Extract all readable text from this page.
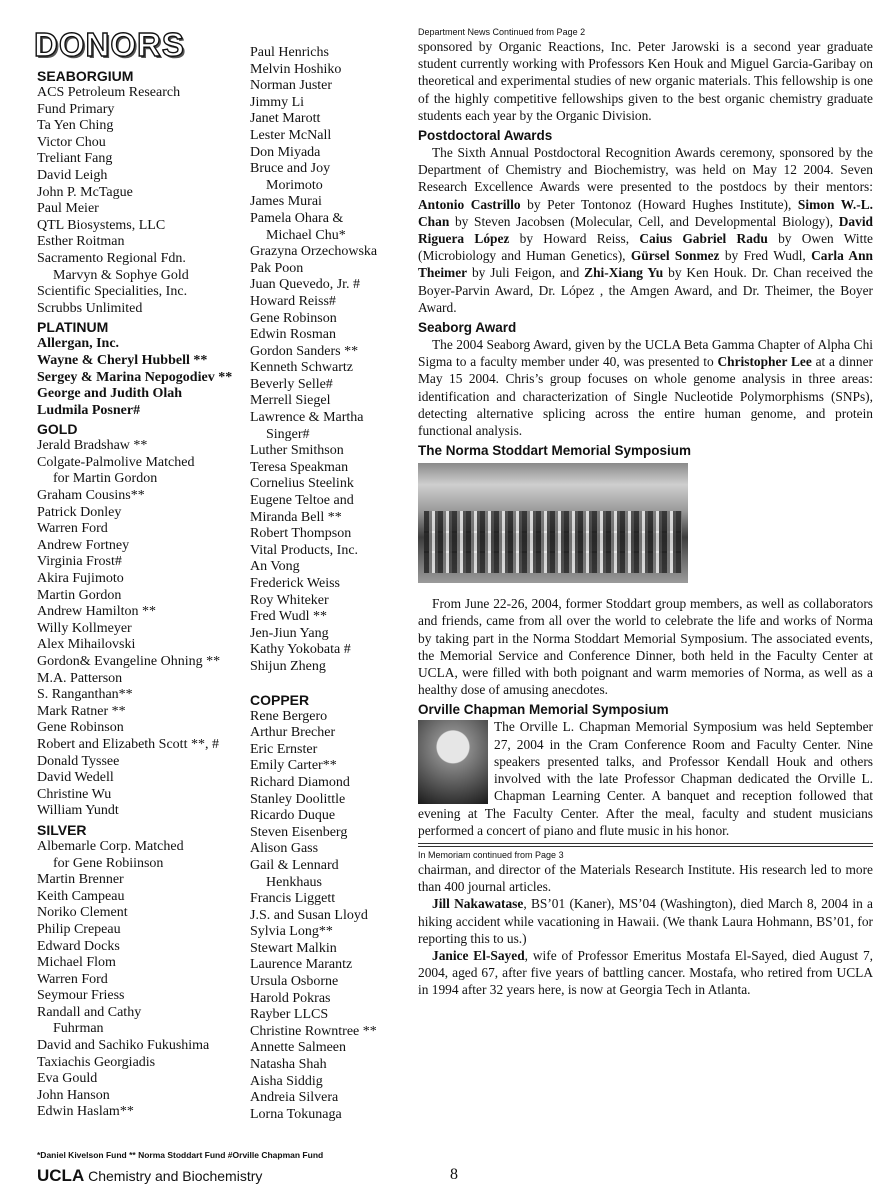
DONORS
SEABORGIUM
ACS Petroleum Research
Fund Primary
Ta Yen Ching
Victor Chou
Treliant Fang
David Leigh
John P. McTague
Paul Meier
QTL Biosystems, LLC
Esther Roitman
Sacramento Regional Fdn.
Marvyn & Sophye Gold
Scientific Specialities, Inc.
Scrubbs Unlimited
PLATINUM
Allergan, Inc.
Wayne & Cheryl Hubbell **
Sergey & Marina Nepogodiev **
George and Judith Olah
Ludmila Posner#
GOLD
Jerald Bradshaw **
Colgate-Palmolive Matched
for Martin Gordon
Graham Cousins**
Patrick Donley
Warren Ford
Andrew Fortney
Virginia Frost#
Akira Fujimoto
Martin Gordon
Andrew Hamilton **
Willy Kollmeyer
Alex Mihailovski
Gordon& Evangeline Ohning **
M.A. Patterson
S. Ranganthan**
Mark Ratner **
Gene Robinson
Robert and Elizabeth Scott **, #
Donald Tyssee
David Wedell
Christine Wu
William Yundt
SILVER
Albemarle Corp. Matched
for Gene Robiinson
Martin Brenner
Keith Campeau
Noriko Clement
Philip Crepeau
Edward Docks
Michael Flom
Warren Ford
Seymour Friess
Randall and Cathy
Fuhrman
David and Sachiko Fukushima
Taxiachis Georgiadis
Eva Gould
John Hanson
Edwin Haslam**
Paul Henrichs
Melvin Hoshiko
Norman Juster
Jimmy Li
Janet Marott
Lester McNall
Don Miyada
Bruce and Joy
Morimoto
James Murai
Pamela Ohara &
Michael Chu*
Grazyna Orzechowska
Pak Poon
Juan Quevedo, Jr. #
Howard Reiss#
Gene Robinson
Edwin Rosman
Gordon Sanders **
Kenneth Schwartz
Beverly Selle#
Merrell Siegel
Lawrence & Martha
Singer#
Luther Smithson
Teresa Speakman
Cornelius Steelink
Eugene Teltoe and
Miranda Bell **
Robert Thompson
Vital Products, Inc.
An Vong
Frederick Weiss
Roy Whiteker
Fred Wudl **
Jen-Jiun Yang
Kathy Yokobata #
Shijun Zheng
COPPER
Rene Bergero
Arthur Brecher
Eric Ernster
Emily Carter**
Richard Diamond
Stanley Doolittle
Ricardo Duque
Steven Eisenberg
Alison Gass
Gail & Lennard
Henkhaus
Francis Liggett
J.S. and Susan Lloyd
Sylvia Long**
Stewart Malkin
Laurence Marantz
Ursula Osborne
Harold Pokras
Rayber LLCS
Christine Rowntree **
Annette Salmeen
Natasha Shah
Aisha Siddig
Andreia Silvera
Lorna Tokunaga
Department News Continued from Page 2

sponsored by Organic Reactions, Inc. Peter Jarowski is a second year graduate student currently working with Professors Ken Houk and Miguel Garcia-Garibay on theoretical and experimental studies of new organic materials. This fellowship is one of the highly competitive fellowships given to the best organic chemistry graduate students each year by the Organic Division.

Postdoctoral Awards

The Sixth Annual Postdoctoral Recognition Awards ceremony, sponsored by the Department of Chemistry and Biochemistry, was held on May 12 2004. Seven Research Excellence Awards were presented to the postdocs by their mentors: Antonio Castrillo by Peter Tontonoz (Howard Hughes Institute), Simon W.-L. Chan by Steven Jacobsen (Molecular, Cell, and Developmental Biology), David Riguera López by Howard Reiss, Caius Gabriel Radu by Owen Witte (Microbiology and Human Genetics), Gürsel Sonmez by Fred Wudl, Carla Ann Theimer by Juli Feigon, and Zhi-Xiang Yu by Ken Houk. Dr. Chan received the Boyer-Parvin Award, Dr. López , the Amgen Award, and Dr. Theimer, the Boyer Award.

Seaborg Award

The 2004 Seaborg Award, given by the UCLA Beta Gamma Chapter of Alpha Chi Sigma to a faculty member under 40, was presented to Christopher Lee at a dinner May 15 2004. Chris’s group focuses on whole genome analysis in three areas: identification and characterization of Single Nucleotide Polymorphisms (SNPs), detecting alternative splicing across the entire human genome, and protein functional analysis.

The Norma Stoddart Memorial Symposium

From June 22-26, 2004, former Stoddart group members, as well as collaborators and friends, came from all over the world to celebrate the life and works of Norma by taking part in the Norma Stoddart Memorial Symposium. The associated events, the Memorial Service and Conference Dinner, both held in the Faculty Center at UCLA, were filled with both poignant and warm memories of Norma, as well as a healthy dose of amusing anecdotes.

Orville Chapman Memorial Symposium

The Orville L. Chapman Memorial Symposium was held September 27, 2004 in the Cram Conference Room and Faculty Center. Nine speakers presented talks, and Professor Kendall Houk and others involved with the late Professor Chapman dedicated the Orville L. Chapman Learning Center. A banquet and reception followed that evening at The Faculty Center. After the meal, faculty and student musicians performed a concert of piano and flute music in his honor.

In Memoriam continued from Page 3

chairman, and director of the Materials Research Institute. His research led to more than 400 journal articles.

Jill Nakawatase, BS’01 (Kaner), MS’04 (Washington), died March 8, 2004 in a hiking accident while vacationing in Hawaii. (We thank Laura Hohmann, BS’01, for reporting this to us.)

Janice El-Sayed, wife of Professor Emeritus Mostafa El-Sayed, died August 7, 2004, aged 67, after five years of battling cancer. Mostafa, who retired from UCLA in 1994 after 32 years here, is now at Georgia Tech in Atlanta.

*Daniel Kivelson Fund ** Norma Stoddart Fund #Orville Chapman Fund
UCLA Chemistry and Biochemistry	8
